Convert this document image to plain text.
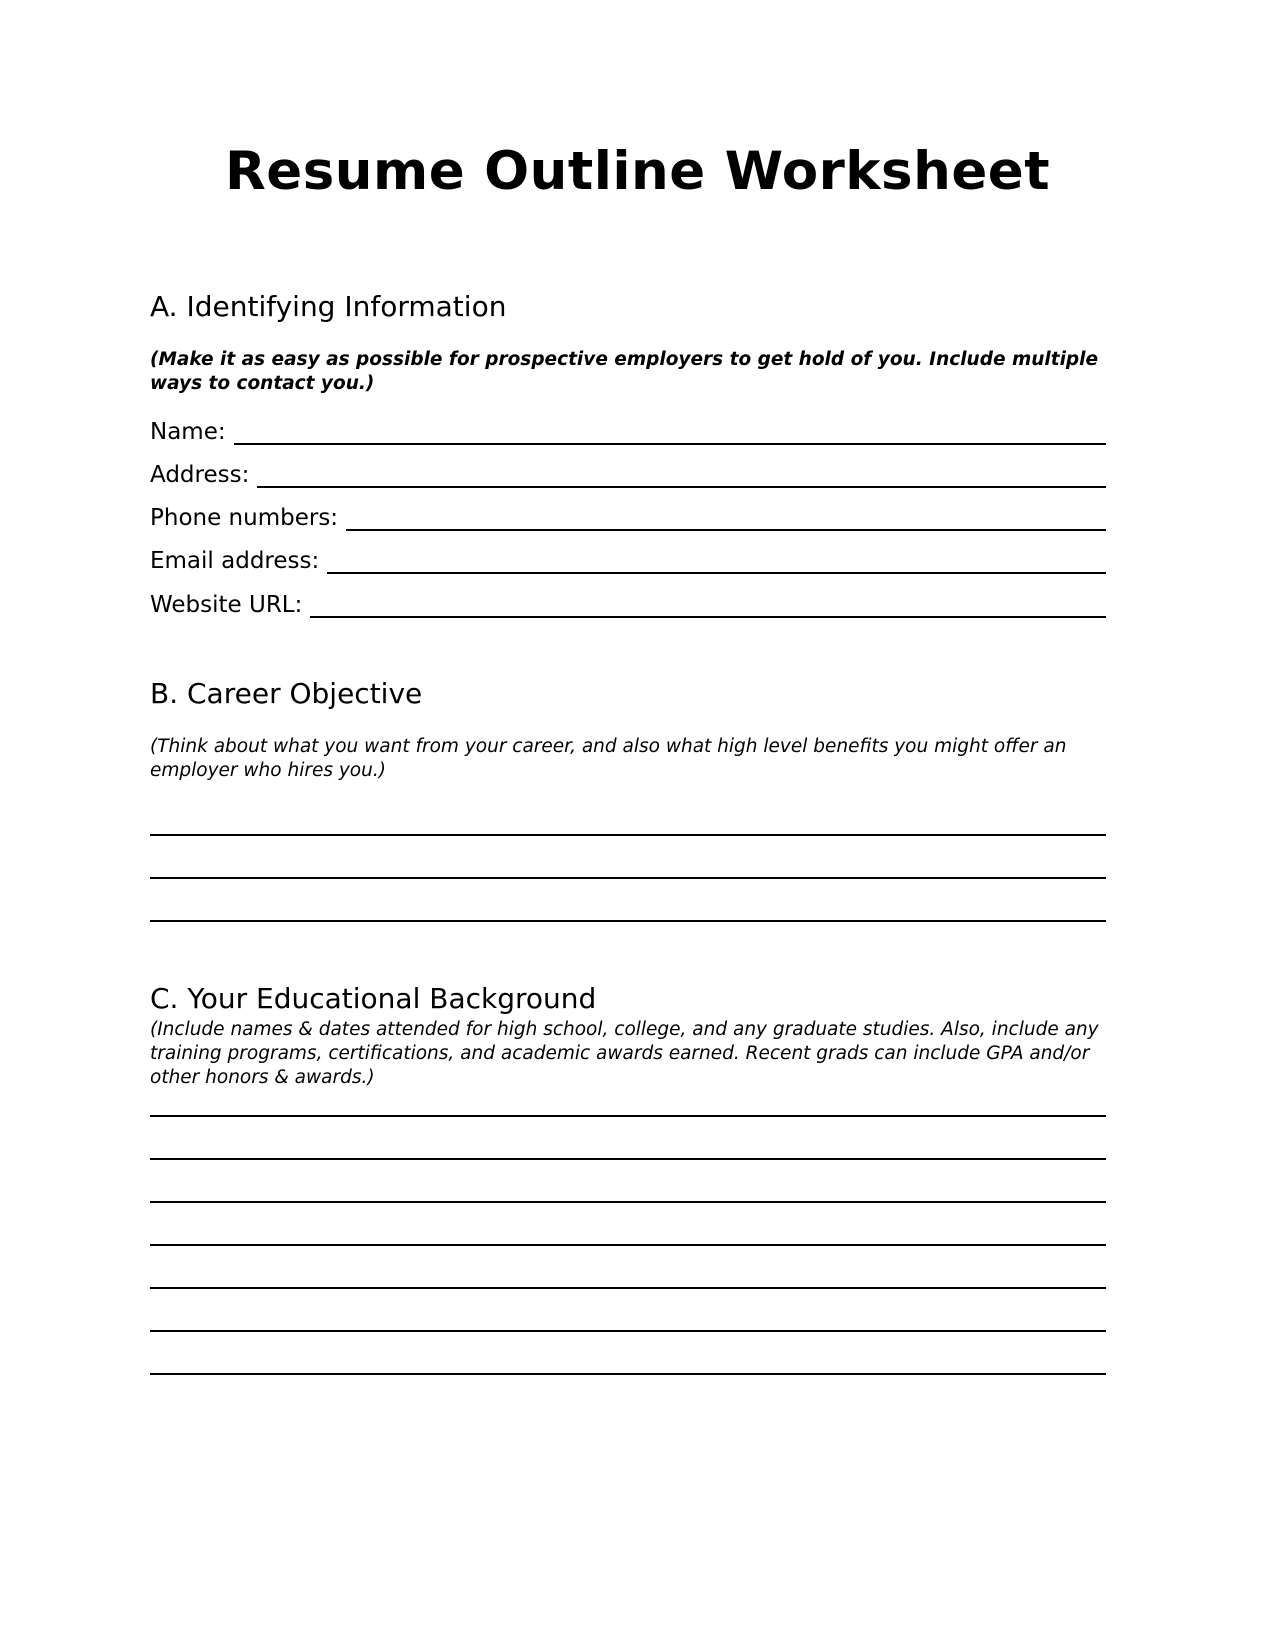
Resume Outline Worksheet
A. Identifying Information

(Make it as easy as possible for prospective employers to get hold of you. Include multiple ways to contact you.)

Name:
Address:
Phone numbers:
Email address:
Website URL:
B. Career Objective

(Think about what you want from your career, and also what high level benefits you might offer an employer who hires you.)

C. Your Educational Background

(Include names & dates attended for high school, college, and any graduate studies. Also, include any training programs, certifications, and academic awards earned. Recent grads can include GPA and/or other honors & awards.)
